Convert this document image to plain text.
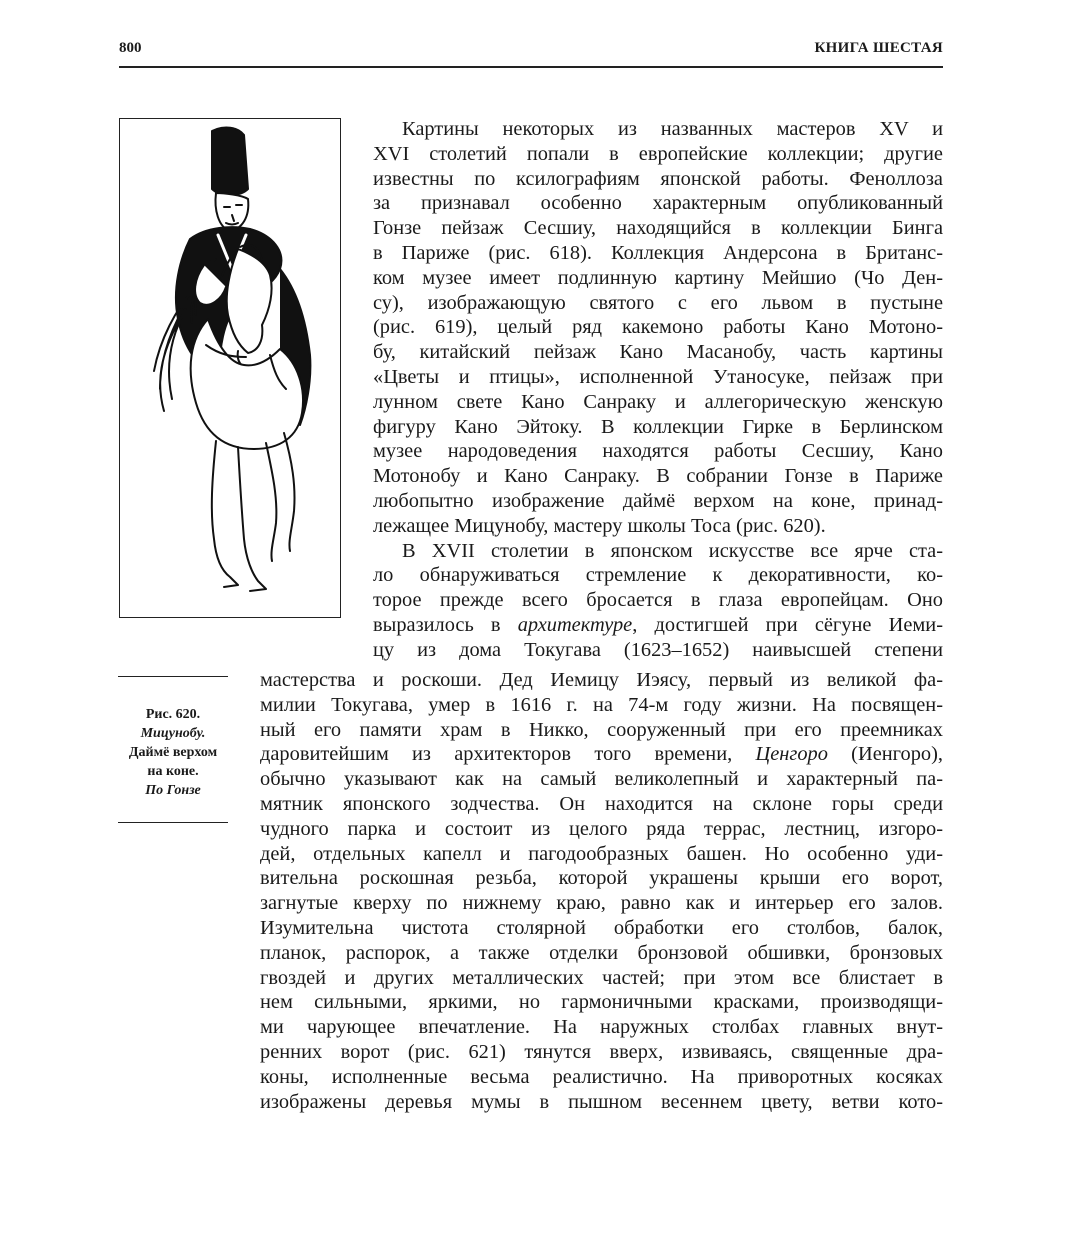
800	КНИГА ШЕСТАЯ
Рис. 620.
Мицунобу.
Даймё верхом
на коне.
По Гонзе
Картины некоторых из названных мастеров XV и
XVI столетий попали в европейские коллекции; другие
известны по ксилографиям японской работы. Феноллоза
за признавал особенно характерным опубликованный
Гонзе пейзаж Сесшиу, находящийся в коллекции Бинга
в Париже (рис. 618). Коллекция Андерсона в Британс-
ком музее имеет подлинную картину Мейшио (Чо Ден-
су), изображающую святого с его львом в пустыне
(рис. 619), целый ряд какемоно работы Кано Мотоно-
бу, китайский пейзаж Кано Масанобу, часть картины
«Цветы и птицы», исполненной Утаносуке, пейзаж при
лунном свете Кано Санраку и аллегорическую женскую
фигуру Кано Эйтоку. В коллекции Гирке в Берлинском
музее народоведения находятся работы Сесшиу, Кано
Мотонобу и Кано Санраку. В собрании Гонзе в Париже
любопытно изображение даймё верхом на коне, принад-
лежащее Мицунобу, мастеру школы Тоса (рис. 620).
В XVII столетии в японском искусстве все ярче ста-
ло обнаруживаться стремление к декоративности, ко-
торое прежде всего бросается в глаза европейцам. Оно
выразилось в архитектуре, достигшей при сёгуне Иеми-
цу из дома Токугава (1623–1652) наивысшей степени
мастерства и роскоши. Дед Иемицу Иэясу, первый из великой фа-
милии Токугава, умер в 1616 г. на 74-м году жизни. На посвящен-
ный его памяти храм в Никко, сооруженный при его преемниках
даровитейшим из архитекторов того времени, Ценгоро (Иенгоро),
обычно указывают как на самый великолепный и характерный па-
мятник японского зодчества. Он находится на склоне горы среди
чудного парка и состоит из целого ряда террас, лестниц, изгоро-
дей, отдельных капелл и пагодообразных башен. Но особенно уди-
вительна роскошная резьба, которой украшены крыши его ворот,
загнутые кверху по нижнему краю, равно как и интерьер его залов.
Изумительна чистота столярной обработки его столбов, балок,
планок, распорок, а также отделки бронзовой обшивки, бронзовых
гвоздей и других металлических частей; при этом все блистает в
нем сильными, яркими, но гармоничными красками, производящи-
ми чарующее впечатление. На наружных столбах главных внут-
ренних ворот (рис. 621) тянутся вверх, извиваясь, священные дра-
коны, исполненные весьма реалистично. На приворотных косяках
изображены деревья мумы в пышном весеннем цвету, ветви кото-
